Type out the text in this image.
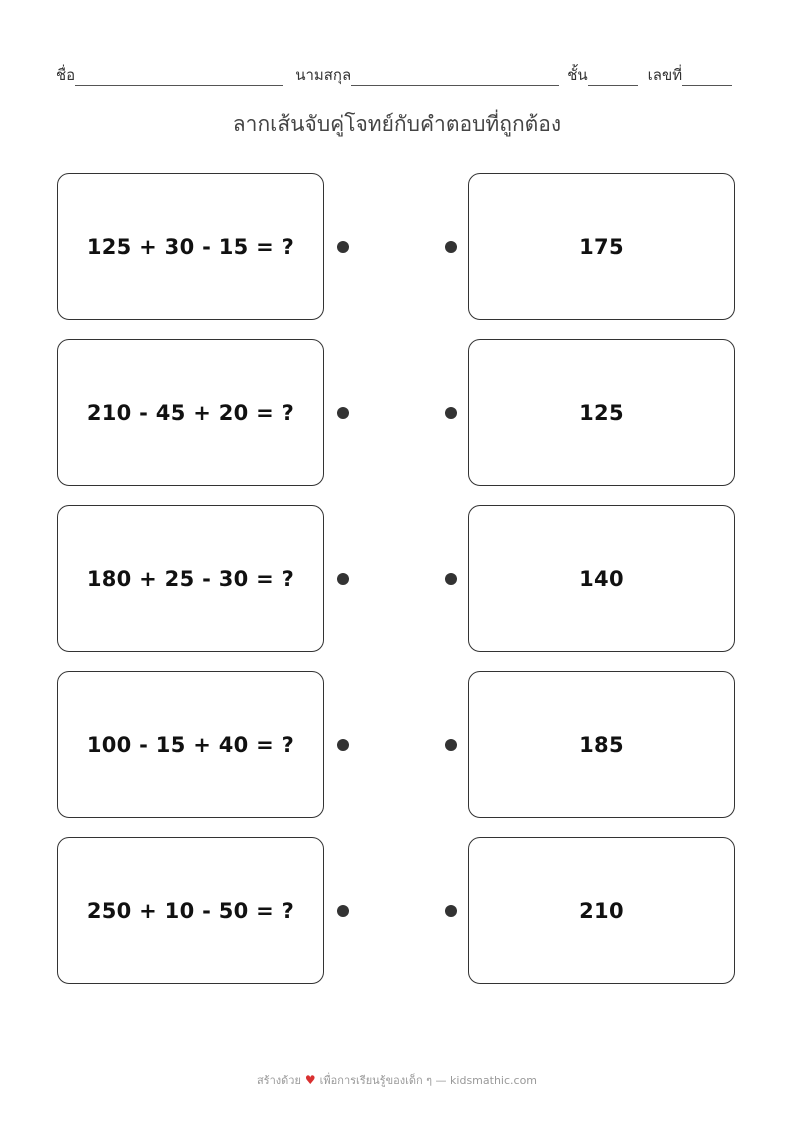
ชื่อ	นามสกุล	ชั้น	เลขที่
ลากเส้นจับคู่โจทย์กับคำตอบที่ถูกต้อง
125 + 30 - 15 = ?
210 - 45 + 20 = ?
180 + 25 - 30 = ?
100 - 15 + 40 = ?
250 + 10 - 50 = ?
175
125
140
185
210
สร้างด้วย ♥ เพื่อการเรียนรู้ของเด็ก ๆ — kidsmathic.com
